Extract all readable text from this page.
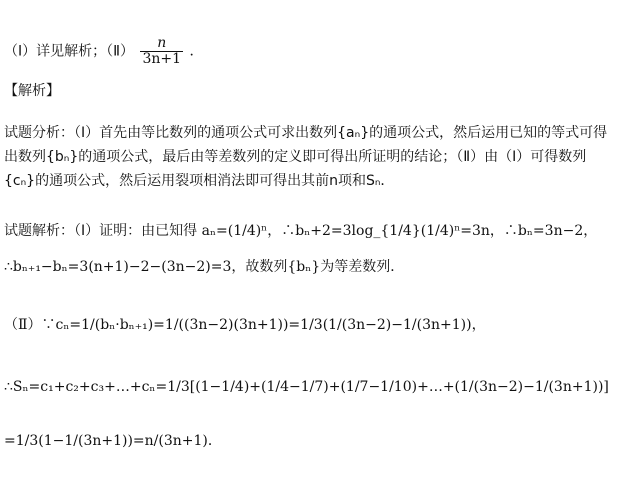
（Ⅰ）详见解析；（Ⅱ） $\frac{n}{3n+1}$ ．
【解析】
试题分析：（Ⅰ）首先由等比数列的通项公式可求出数列{aₙ}的通项公式，然后运用已知的等式可得
出数列{bₙ}的通项公式，最后由等差数列的定义即可得出所证明的结论；（Ⅱ）由（Ⅰ）可得数列
{cₙ}的通项公式，然后运用裂项相消法即可得出其前n项和Sₙ．
试题解析：（Ⅰ）证明：由已知得 aₙ=(1/4)ⁿ，∴bₙ+2=3log_{1/4}(1/4)ⁿ=3n，∴bₙ=3n−2，
∴bₙ₊₁−bₙ=3(n+1)−2−(3n−2)=3，故数列{bₙ}为等差数列．
（Ⅱ）∵cₙ=1/(bₙ·bₙ₊₁)=1/((3n−2)(3n+1))=1/3(1/(3n−2)−1/(3n+1))，
∴Sₙ=c₁+c₂+c₃+…+cₙ=1/3[(1−1/4)+(1/4−1/7)+(1/7−1/10)+…+(1/(3n−2)−1/(3n+1))]
=1/3(1−1/(3n+1))=n/(3n+1)．
